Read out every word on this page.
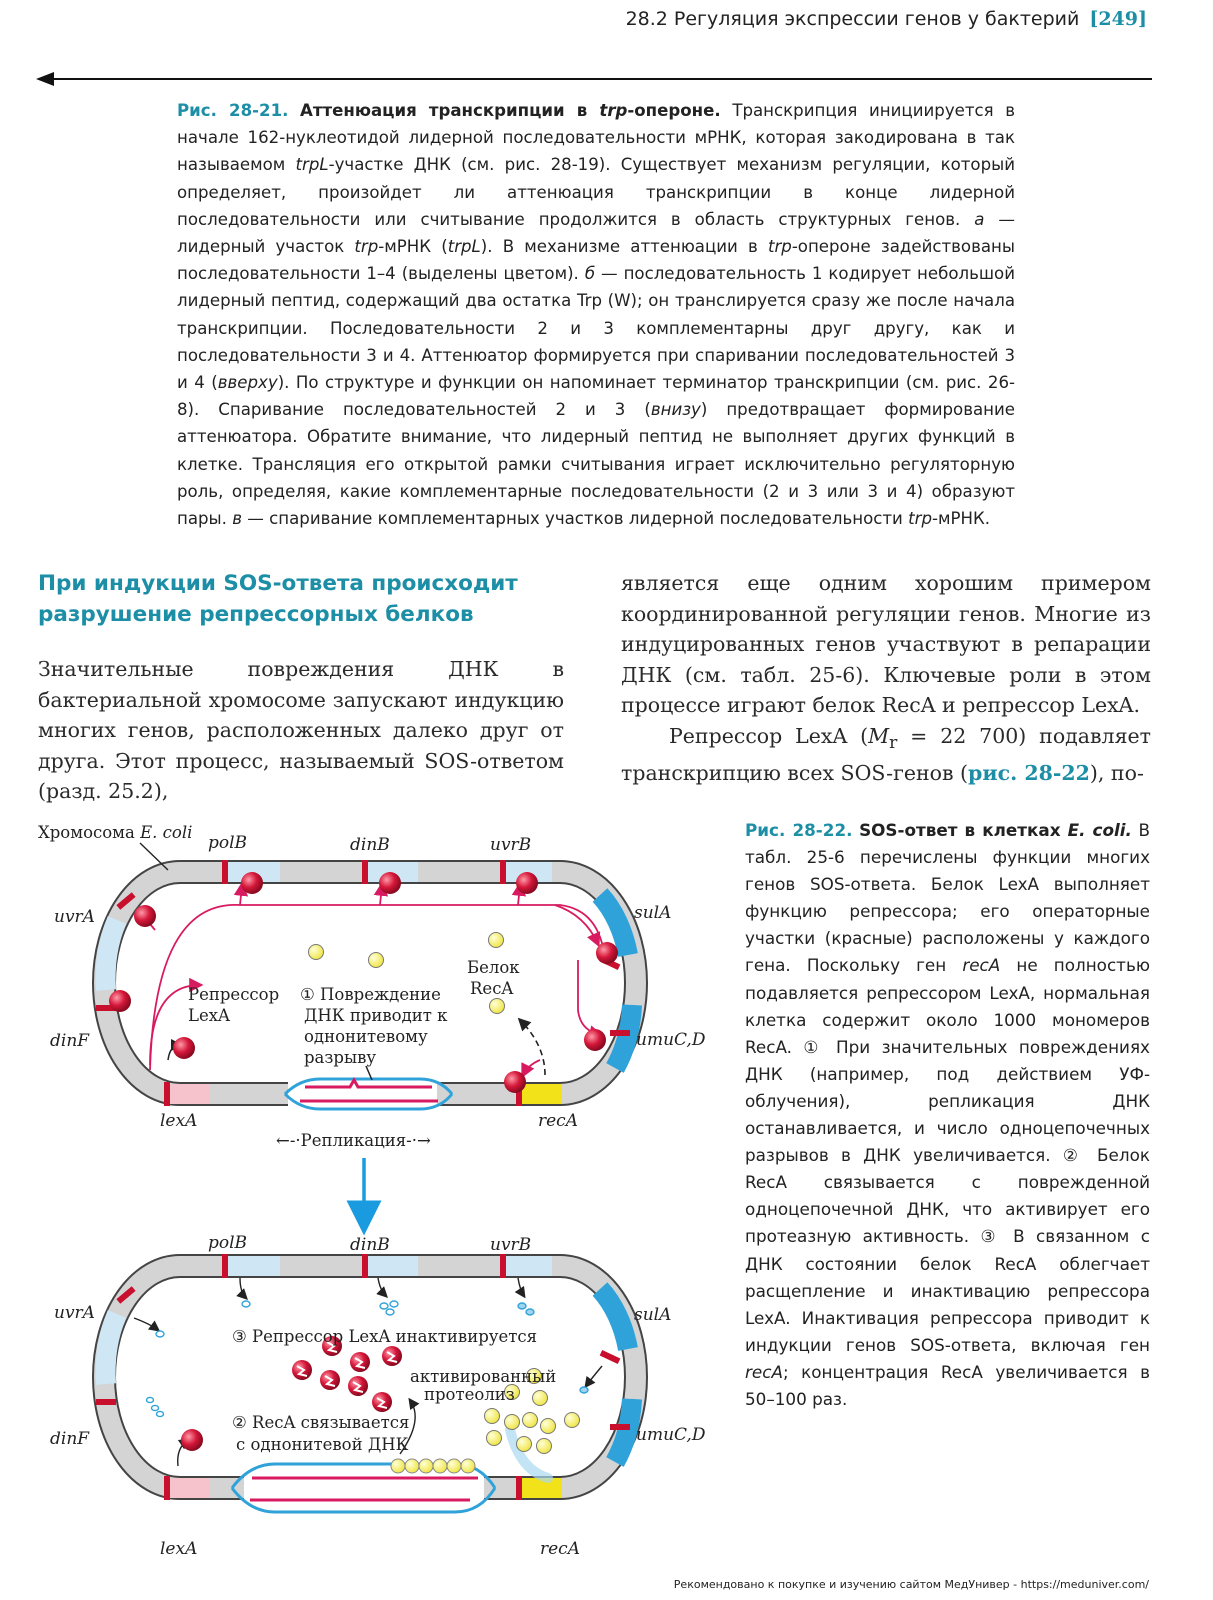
28.2 Регуляция экспрессии генов у бактерий [249]
Рис. 28-21. Аттенюация транскрипции в trp-опероне. Транскрипция инициируется в начале 162-нуклеотидой лидерной последовательности мРНК, которая закодирована в так называемом trpL-участке ДНК (см. рис. 28-19). Существует механизм регуляции, который определяет, произойдет ли аттенюация транскрипции в конце лидерной последовательности или считывание продолжится в область структурных генов. а — лидерный участок trp-мРНК (trpL). В механизме аттенюации в trp-опероне задействованы последовательности 1–4 (выделены цветом). б — последовательность 1 кодирует небольшой лидерный пептид, содержащий два остатка Trp (W); он транслируется сразу же после начала транскрипции. Последовательности 2 и 3 комплементарны друг другу, как и последовательности 3 и 4. Аттенюатор формируется при спаривании последовательностей 3 и 4 (вверху). По структуре и функции он напоминает терминатор транскрипции (см. рис. 26-8). Спаривание последовательностей 2 и 3 (внизу) предотвращает формирование аттенюатора. Обратите внимание, что лидерный пептид не выполняет других функций в клетке. Трансляция его открытой рамки считывания играет исключительно регуляторную роль, определяя, какие комплементарные последовательности (2 и 3 или 3 и 4) образуют пары. в — спаривание комплементарных участков лидерной последовательности trp-мРНК.
При индукции SOS-ответа происходит разрушение репрессорных белков
Значительные повреждения ДНК в бактериальной хромосоме запускают индукцию многих генов, расположенных далеко друг от друга. Этот процесс, называемый SOS-ответом (разд. 25.2),

является еще одним хорошим примером координированной регуляции генов. Многие из индуцированных генов участвуют в репарации ДНК (см. табл. 25-6). Ключевые роли в этом процессе играют белок RecA и репрессор LexA.

Репрессор LexA ($M_r = 22$ 700) подавляет транскрипцию всех SOS-генов (рис. 28-22), по-

Хромосома E. coli
polB	dinB	uvrB
uvrA	sulA
dinF	umuC,D
lexA	recA
Репрессор
LexA
① Повреждение
ДНК приводит к
однонитевому
разрыву
Белок
RecA
←-·Репликация-·→
polB	dinB	uvrB
uvrA	sulA
dinF	umuC,D
lexA	recA
③ Репрессор LexA инактивируется
активированный
протеолиз
② RecA связывается
с однонитевой ДНК
Рис. 28-22. SOS-ответ в клетках E. coli. В табл. 25-6 перечислены функции многих генов SOS-ответа. Белок LexA выполняет функцию репрессора; его операторные участки (красные) расположены у каждого гена. Поскольку ген recA не полностью подавляется репрессором LexA, нормальная клетка содержит около 1000 мономеров RecA. ① При значительных повреждениях ДНК (например, под действием УФ-облучения), репликация ДНК останавливается, и число одноцепочечных разрывов в ДНК увеличивается. ② Белок RecA связывается с поврежденной одноцепочечной ДНК, что активирует его протеазную активность. ③ В связанном с ДНК состоянии белок RecA облегчает расщепление и инактивацию репрессора LexA. Инактивация репрессора приводит к индукции генов SOS-ответа, включая ген recA; концентрация RecA увеличивается в 50–100 раз.
Рекомендовано к покупке и изучению сайтом МедУнивер - https://meduniver.com/
